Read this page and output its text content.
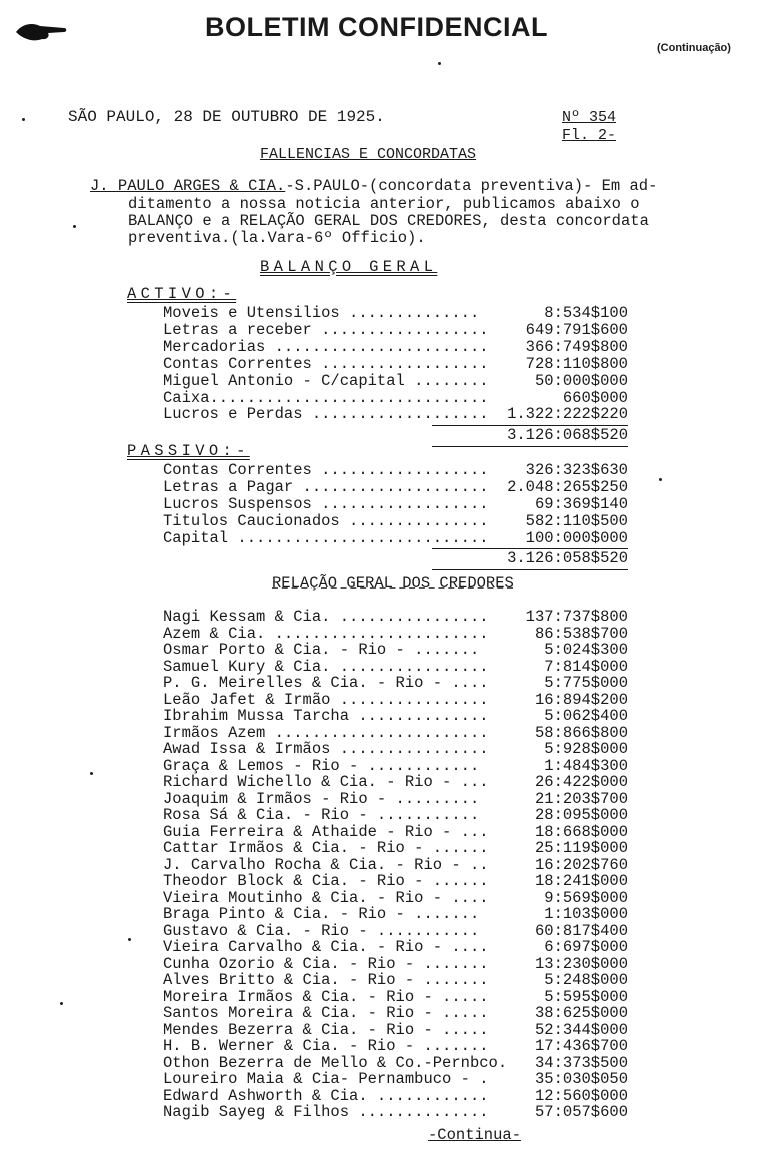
BOLETIM CONFIDENCIAL
(Continuação)
SÃO PAULO, 28 DE OUTUBRO DE 1925.	Nº 354
Fl. 2-
FALLENCIAS E CONCORDATAS
J. PAULO ARGES & CIA.-S.PAULO-(concordata preventiva)- Em ad-
ditamento a nossa noticia anterior, publicamos abaixo o
BALANÇO e a RELAÇÃO GERAL DOS CREDORES, desta concordata
preventiva.(la.Vara-6º Officio).
BALANÇO GERAL
ACTIVO:-
Moveis e Utensilios ..............	8:534$100
Letras a receber .................. 649:791$600
Mercadorias ....................... 366:749$800
Contas Correntes .................. 728:110$800
Miguel Antonio - C/capital ........	50:000$000
Caixa..............................	660$000
Lucros e Perdas ................... 1.322:222$220
3.126:068$520
PASSIVO:-
Contas Correntes .................. 326:323$630
Letras a Pagar .................... 2.048:265$250
Lucros Suspensos ..................	69:369$140
Titulos Caucionados ............... 582:110$500
Capital ........................... 100:000$000
3.126:058$520
RELAÇÃO GERAL DOS CREDORES
Nagi Kessam & Cia. ................ 137:737$800
Azem & Cia. .......................	86:538$700
Osmar Porto & Cia. - Rio - .......	5:024$300
Samuel Kury & Cia. ................	7:814$000
P. G. Meirelles & Cia. - Rio - ....	5:775$000
Leão Jafet & Irmão ................	16:894$200
Ibrahim Mussa Tarcha ..............	5:062$400
Irmãos Azem .......................	58:866$800
Awad Issa & Irmãos ................	5:928$000
Graça & Lemos - Rio - ............	1:484$300
Richard Wichello & Cia. - Rio - ...	26:422$000
Joaquim & Irmãos - Rio - .........	21:203$700
Rosa Sá & Cia. - Rio - ...........	28:095$000
Guia Ferreira & Athaide - Rio - ...	18:668$000
Cattar Irmãos & Cia. - Rio - ......	25:119$000
J. Carvalho Rocha & Cia. - Rio - ..	16:202$760
Theodor Block & Cia. - Rio - ......	18:241$000
Vieira Moutinho & Cia. - Rio - ....	9:569$000
Braga Pinto & Cia. - Rio - .......	1:103$000
Gustavo & Cia. - Rio - ...........	60:817$400
Vieira Carvalho & Cia. - Rio - ....	6:697$000
Cunha Ozorio & Cia. - Rio - .......	13:230$000
Alves Britto & Cia. - Rio - .......	5:248$000
Moreira Irmãos & Cia. - Rio - .....	5:595$000
Santos Moreira & Cia. - Rio - .....	38:625$000
Mendes Bezerra & Cia. - Rio - .....	52:344$000
H. B. Werner & Cia. - Rio - .......	17:436$700
Othon Bezerra de Mello & Co.-Pernbco. 34:373$500
Loureiro Maia & Cia- Pernambuco - .	35:030$050
Edward Ashworth & Cia. ............	12:560$000
Nagib Sayeg & Filhos ..............	57:057$600
-Continua-
